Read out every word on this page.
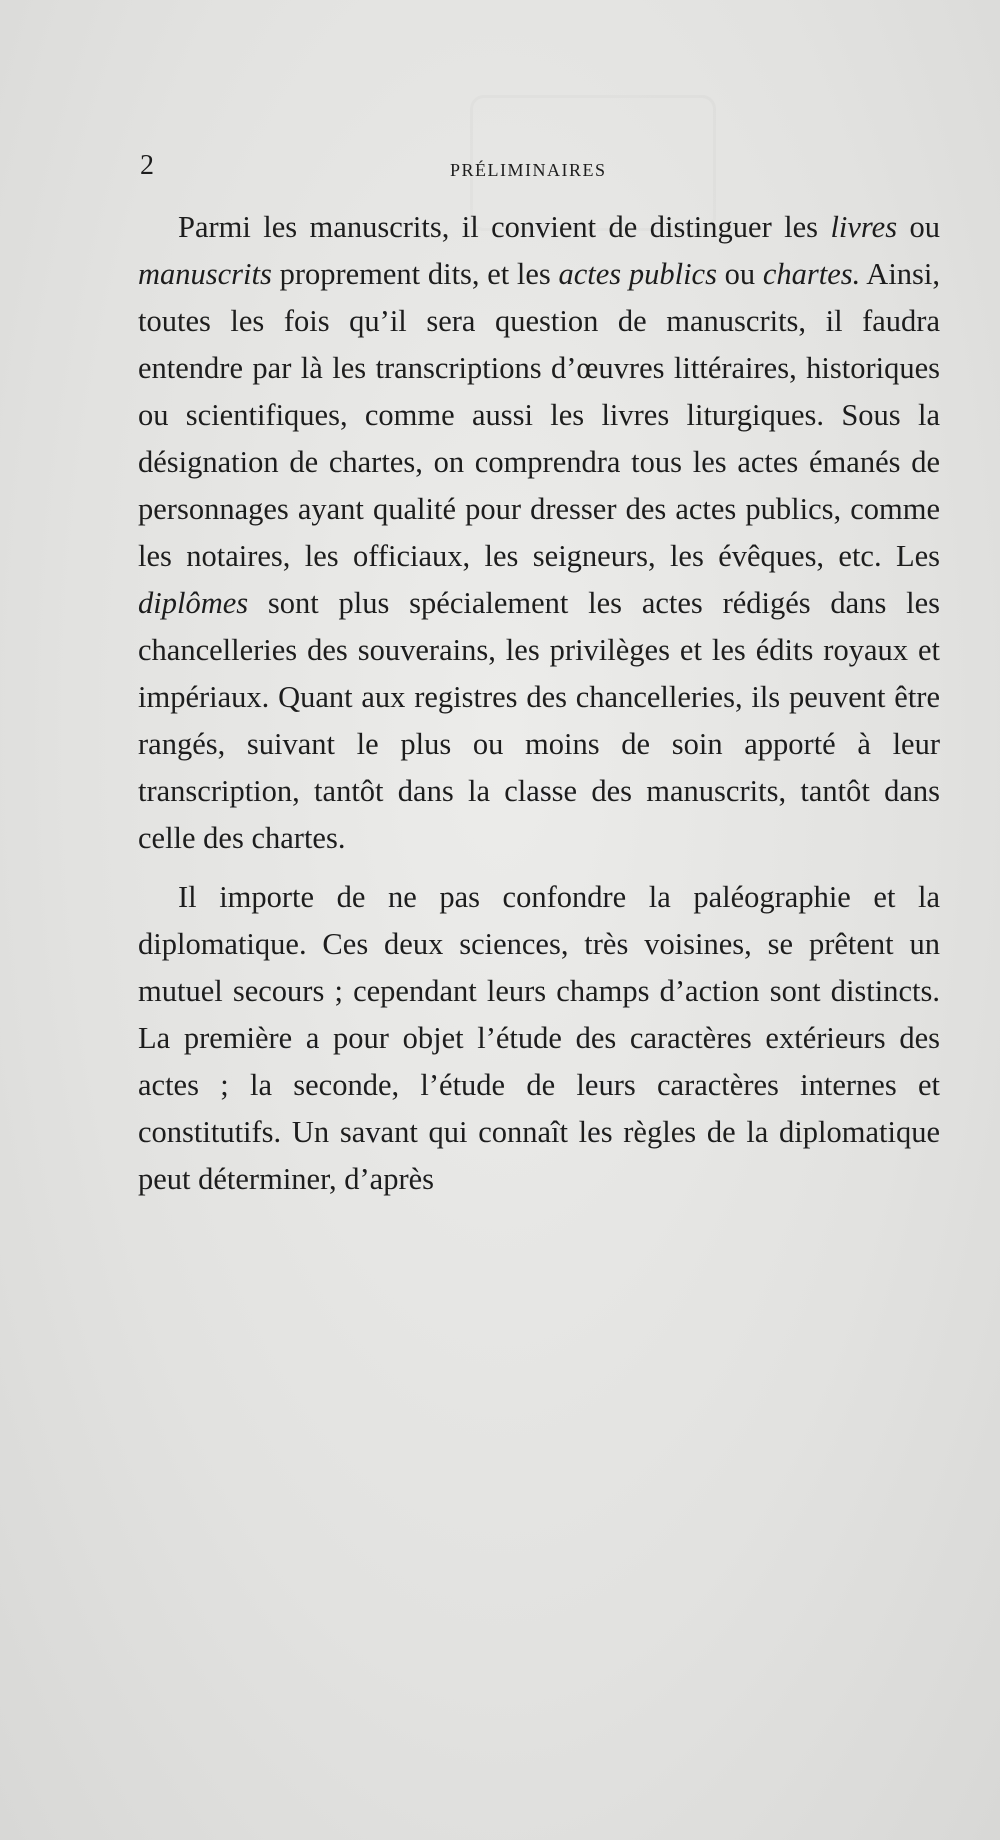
2	PRÉLIMINAIRES

Parmi les manuscrits, il convient de distinguer les livres ou manuscrits proprement dits, et les actes publics ou chartes. Ainsi, toutes les fois qu’il sera question de manuscrits, il faudra entendre par là les transcriptions d’œuvres littéraires, historiques ou scientifiques, comme aussi les livres liturgiques. Sous la désignation de chartes, on comprendra tous les actes émanés de personnages ayant qualité pour dresser des actes publics, comme les notaires, les officiaux, les seigneurs, les évêques, etc. Les diplômes sont plus spécialement les actes rédigés dans les chancelleries des souverains, les privilèges et les édits royaux et impériaux. Quant aux registres des chancelleries, ils peuvent être rangés, suivant le plus ou moins de soin apporté à leur transcription, tantôt dans la classe des manuscrits, tantôt dans celle des chartes.

Il importe de ne pas confondre la paléographie et la diplomatique. Ces deux sciences, très voisines, se prêtent un mutuel secours ; cependant leurs champs d’action sont distincts. La première a pour objet l’étude des caractères extérieurs des actes ; la seconde, l’étude de leurs caractères internes et constitutifs. Un savant qui connaît les règles de la diplomatique peut déterminer, d’après
